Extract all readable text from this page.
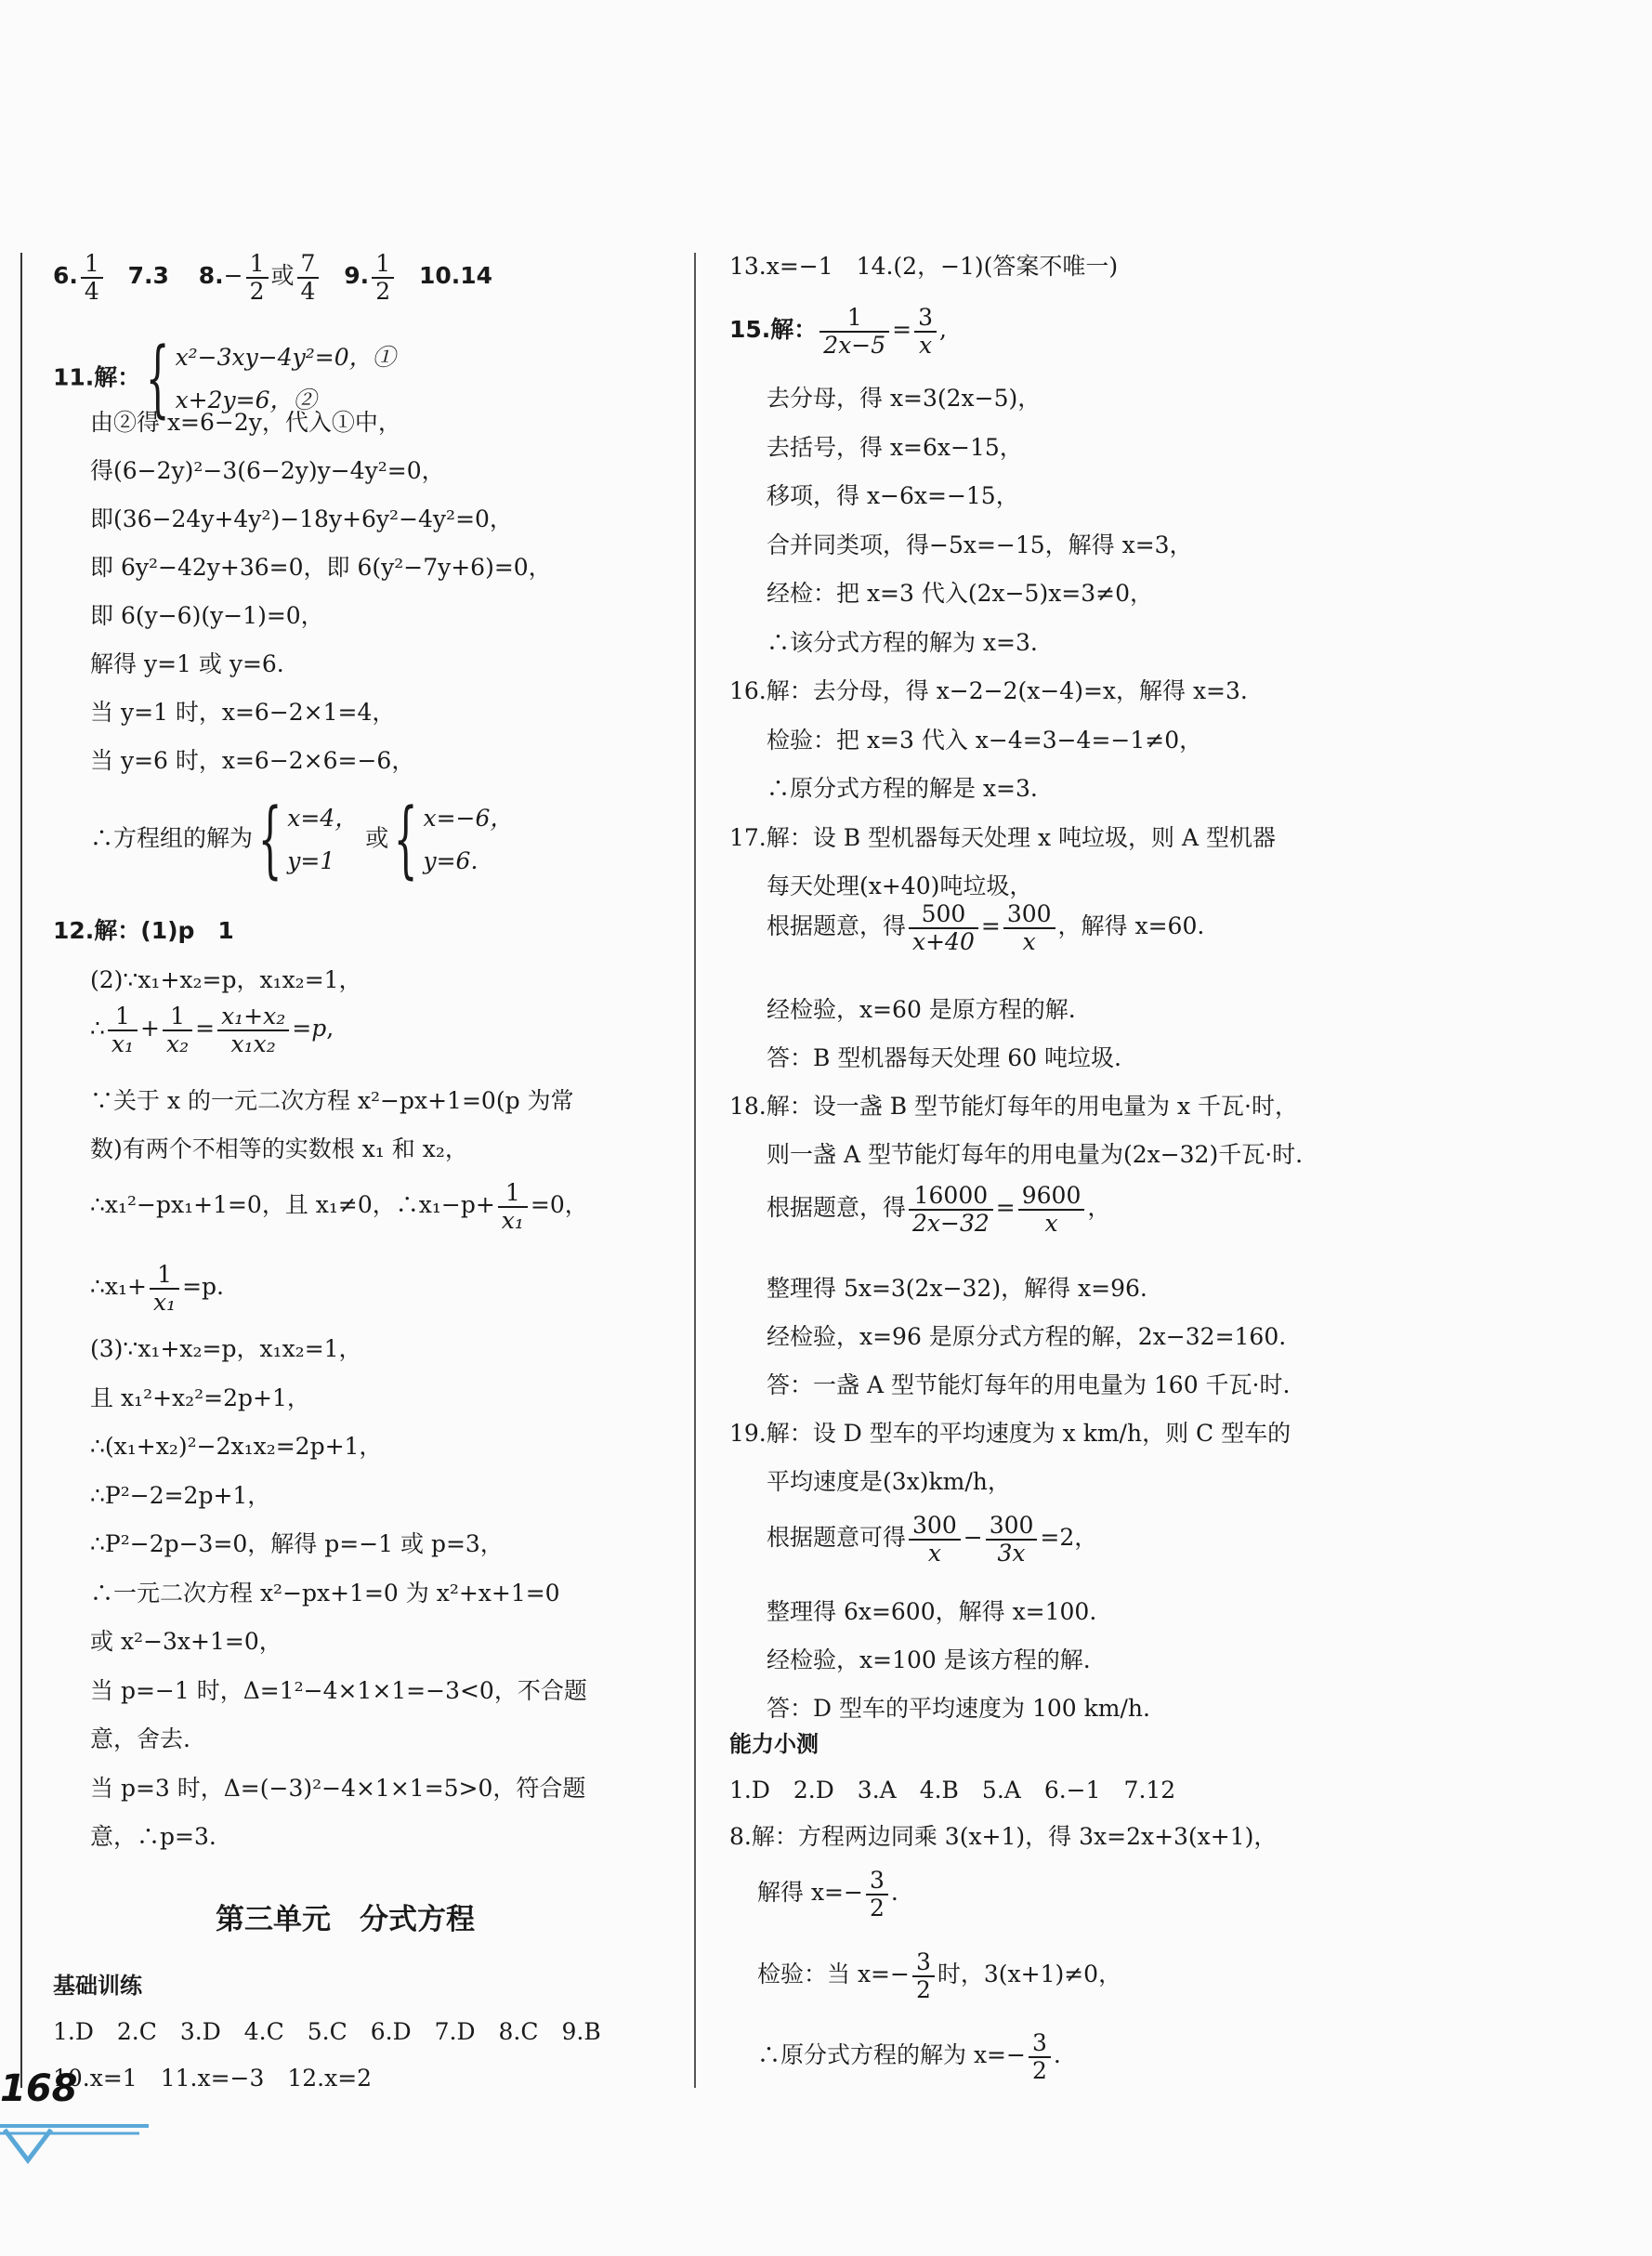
6. $\frac{1}{4} 7.3$ $8.- \frac{1}{2}$ 或 $\frac{7}{4} 9$. $\frac{1}{2} 10.14$
11.解：{ x²−3xy−4y²=0，①
x+2y=6，②
由②得 x=6−2y，代入①中，
得(6−2y)²−3(6−2y)y−4y²=0，
即(36−24y+4y²)−18y+6y²−4y²=0，
即 6y²−42y+36=0，即 6(y²−7y+6)=0，
即 6(y−6)(y−1)=0，
解得 y=1 或 y=6.
当 y=1 时，x=6−2×1=4，
当 y=6 时，x=6−2×6=−6，
∴方程组的解为{ x=4，
y=1 或{ x=−6，
y=6.
12.解：(1)p　1
(2)∵x₁+x₂=p，x₁x₂=1，
∴ $\frac{1}{\text{x₁}} + \frac{1}{\text{x₂}} = \frac{\text{x₁+x₂}}{\text{x₁x₂}} =p$,
∵关于 x 的一元二次方程 x²−px+1=0(p 为常
数)有两个不相等的实数根 x₁ 和 x₂，
∴x₁²−px₁+1=0，且 x₁≠0，∴x₁−p+ $\frac{1}{\text{x₁}} =0$，
∴x₁+ $\frac{1}{\text{x₁}} =p$.
(3)∵x₁+x₂=p，x₁x₂=1，
且 x₁²+x₂²=2p+1，
∴(x₁+x₂)²−2x₁x₂=2p+1，
∴P²−2=2p+1，
∴P²−2p−3=0，解得 p=−1 或 p=3，
∴一元二次方程 x²−px+1=0 为 x²+x+1=0
或 x²−3x+1=0，
当 p=−1 时，Δ=1²−4×1×1=−3<0，不合题
意，舍去.
当 p=3 时，Δ=(−3)²−4×1×1=5>0，符合题
意，∴p=3.
第三单元　分式方程
基础训练
1.D　2.C　3.D　4.C　5.C　6.D　7.D　8.C　9.B
10.x=1　11.x=−3　12.x=2
13.x=−1　14.(2，−1)(答案不唯一)
15.解： $\frac{1}{2x-5} = \frac{3}{x}$ ,
去分母，得 x=3(2x−5)，
去括号，得 x=6x−15，
移项，得 x−6x=−15，
合并同类项，得−5x=−15，解得 x=3，
经检：把 x=3 代入(2x−5)x=3≠0，
∴该分式方程的解为 x=3.
16.解：去分母，得 x−2−2(x−4)=x，解得 x=3.
检验：把 x=3 代入 x−4=3−4=−1≠0，
∴原分式方程的解是 x=3.
17.解：设 B 型机器每天处理 x 吨垃圾，则 A 型机器
每天处理(x+40)吨垃圾，
根据题意，得 $\frac{500}{x+40} = \frac{300}{x}$ ，解得 x=60.
经检验，x=60 是原方程的解.
答：B 型机器每天处理 60 吨垃圾.
18.解：设一盏 B 型节能灯每年的用电量为 x 千瓦·时，
则一盏 A 型节能灯每年的用电量为(2x−32)千瓦·时.
根据题意，得 $\frac{16000}{2x-32} = \frac{9600}{x}$ ，
整理得 5x=3(2x−32)，解得 x=96.
经检验，x=96 是原分式方程的解，2x−32=160.
答：一盏 A 型节能灯每年的用电量为 160 千瓦·时.
19.解：设 D 型车的平均速度为 x km/h，则 C 型车的
平均速度是(3x)km/h，
根据题意可得 $\frac{300}{x} - \frac{300}{3x} =2$，
整理得 6x=600，解得 x=100.
经检验，x=100 是该方程的解.
答：D 型车的平均速度为 100 km/h.
能力小测
1.D　2.D　3.A　4.B　5.A　6.−1　7.12
8.解：方程两边同乘 3(x+1)，得 3x=2x+3(x+1)，
解得 $x=- \frac{3}{2}$ .
检验：当 $x=- \frac{3}{2}$ 时，3(x+1)≠0，
∴原分式方程的解为 $x=- \frac{3}{2}$ .
168
